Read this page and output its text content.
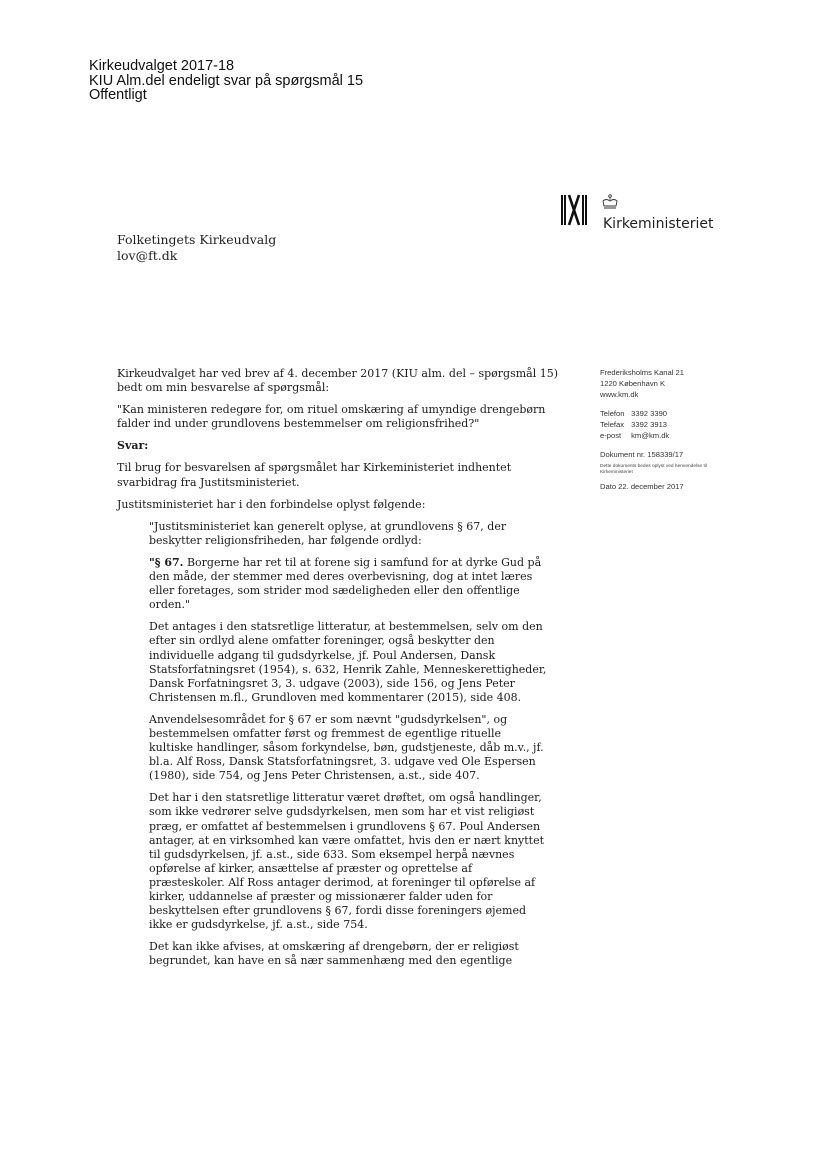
Kirkeudvalget 2017-18
KIU Alm.del endeligt svar på spørgsmål 15
Offentligt
Kirkeministeriet
Folketingets Kirkeudvalg
lov@ft.dk
Frederiksholms Kanal 21
1220 København K
www.km.dk
Telefon 3392 3390
Telefax 3392 3913
e-post km@km.dk
Dokument nr. 158339/17
Dette dokuments bedes oplyst ved henvendelse til Kirkeministeriet
Dato 22. december 2017

Kirkeudvalget har ved brev af 4. december 2017 (KIU alm. del – spørgsmål 15)
bedt om min besvarelse af spørgsmål:

"Kan ministeren redegøre for, om rituel omskæring af umyndige drengebørn
falder ind under grundlovens bestemmelser om religionsfrihed?"

Svar:

Til brug for besvarelsen af spørgsmålet har Kirkeministeriet indhentet
svarbidrag fra Justitsministeriet.

Justitsministeriet har i den forbindelse oplyst følgende:

"Justitsministeriet kan generelt oplyse, at grundlovens § 67, der
beskytter religionsfriheden, har følgende ordlyd:

"§ 67. Borgerne har ret til at forene sig i samfund for at dyrke Gud på
den måde, der stemmer med deres overbevisning, dog at intet læres
eller foretages, som strider mod sædeligheden eller den offentlige
orden."

Det antages i den statsretlige litteratur, at bestemmelsen, selv om den
efter sin ordlyd alene omfatter foreninger, også beskytter den
individuelle adgang til gudsdyrkelse, jf. Poul Andersen, Dansk
Statsforfatningsret (1954), s. 632, Henrik Zahle, Menneskerettigheder,
Dansk Forfatningsret 3, 3. udgave (2003), side 156, og Jens Peter
Christensen m.fl., Grundloven med kommentarer (2015), side 408.

Anvendelsesområdet for § 67 er som nævnt "gudsdyrkelsen", og
bestemmelsen omfatter først og fremmest de egentlige rituelle
kultiske handlinger, såsom forkyndelse, bøn, gudstjeneste, dåb m.v., jf.
bl.a. Alf Ross, Dansk Statsforfatningsret, 3. udgave ved Ole Espersen
(1980), side 754, og Jens Peter Christensen, a.st., side 407.

Det har i den statsretlige litteratur været drøftet, om også handlinger,
som ikke vedrører selve gudsdyrkelsen, men som har et vist religiøst
præg, er omfattet af bestemmelsen i grundlovens § 67. Poul Andersen
antager, at en virksomhed kan være omfattet, hvis den er nært knyttet
til gudsdyrkelsen, jf. a.st., side 633. Som eksempel herpå nævnes
opførelse af kirker, ansættelse af præster og oprettelse af
præsteskoler. Alf Ross antager derimod, at foreninger til opførelse af
kirker, uddannelse af præster og missionærer falder uden for
beskyttelsen efter grundlovens § 67, fordi disse foreningers øjemed
ikke er gudsdyrkelse, jf. a.st., side 754.

Det kan ikke afvises, at omskæring af drengebørn, der er religiøst
begrundet, kan have en så nær sammenhæng med den egentlige
